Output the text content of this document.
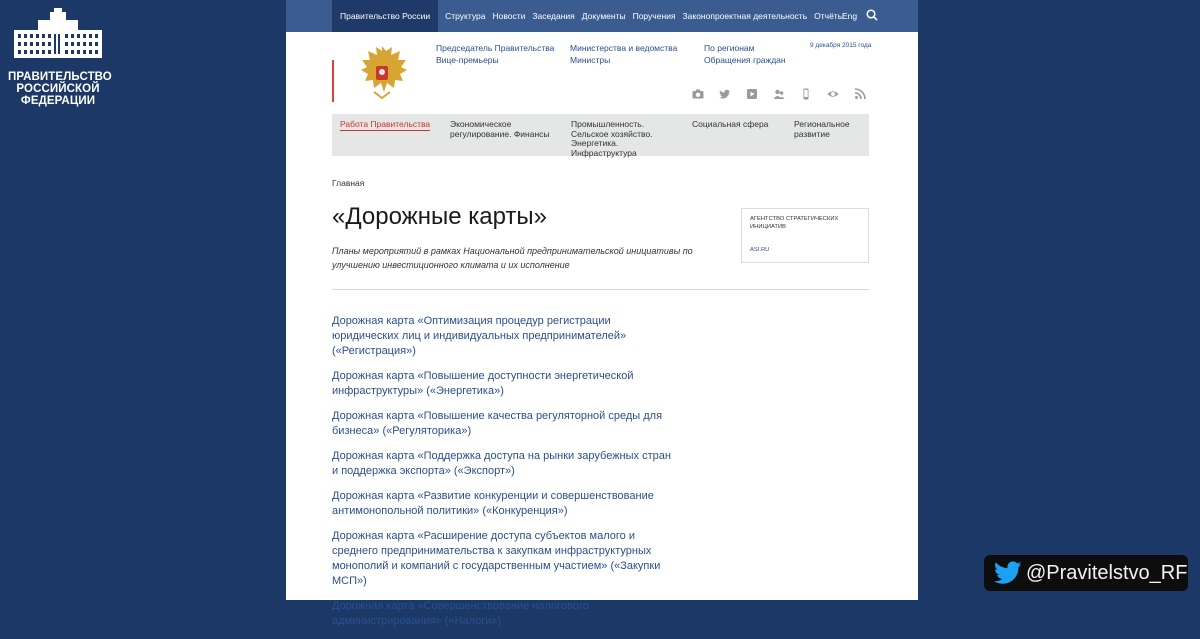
ПРАВИТЕЛЬСТВО
РОССИЙСКОЙ
ФЕДЕРАЦИИ
@Pravitelstvo_RF
Правительство России	Структура Новости Заседания Документы Поручения Законопроектная деятельность Отчёты
Eng
Председатель Правительства
Вице-премьеры
Министерства и ведомства
Министры
По регионам
Обращения граждан
9 декабря 2015 года
Работа Правительства Экономическое регулирование. Финансы
Промышленность. Сельское хозяйство. Энергетика. Инфраструктура
Социальная сфера	Региональное развитие
Главная
«Дорожные карты»
Планы мероприятий в рамках Национальной предпринимательской инициативы по улучшению инвестиционного климата и их исполнение
АГЕНТСТВО СТРАТЕГИЧЕСКИХ ИНИЦИАТИВ
ASI.RU
Дорожная карта «Оптимизация процедур регистрации юридических лиц и индивидуальных предпринимателей» («Регистрация»)
Дорожная карта «Повышение доступности энергетической инфраструктуры» («Энергетика»)
Дорожная карта «Повышение качества регуляторной среды для бизнеса» («Регуляторика»)
Дорожная карта «Поддержка доступа на рынки зарубежных стран и поддержка экспорта» («Экспорт»)
Дорожная карта «Развитие конкуренции и совершенствование антимонопольной политики» («Конкуренция»)
Дорожная карта «Расширение доступа субъектов малого и среднего предпринимательства к закупкам инфраструктурных монополий и компаний с государственным участием» («Закупки МСП»)
Дорожная карта «Совершенствование налогового администрирования» («Налоги»)
